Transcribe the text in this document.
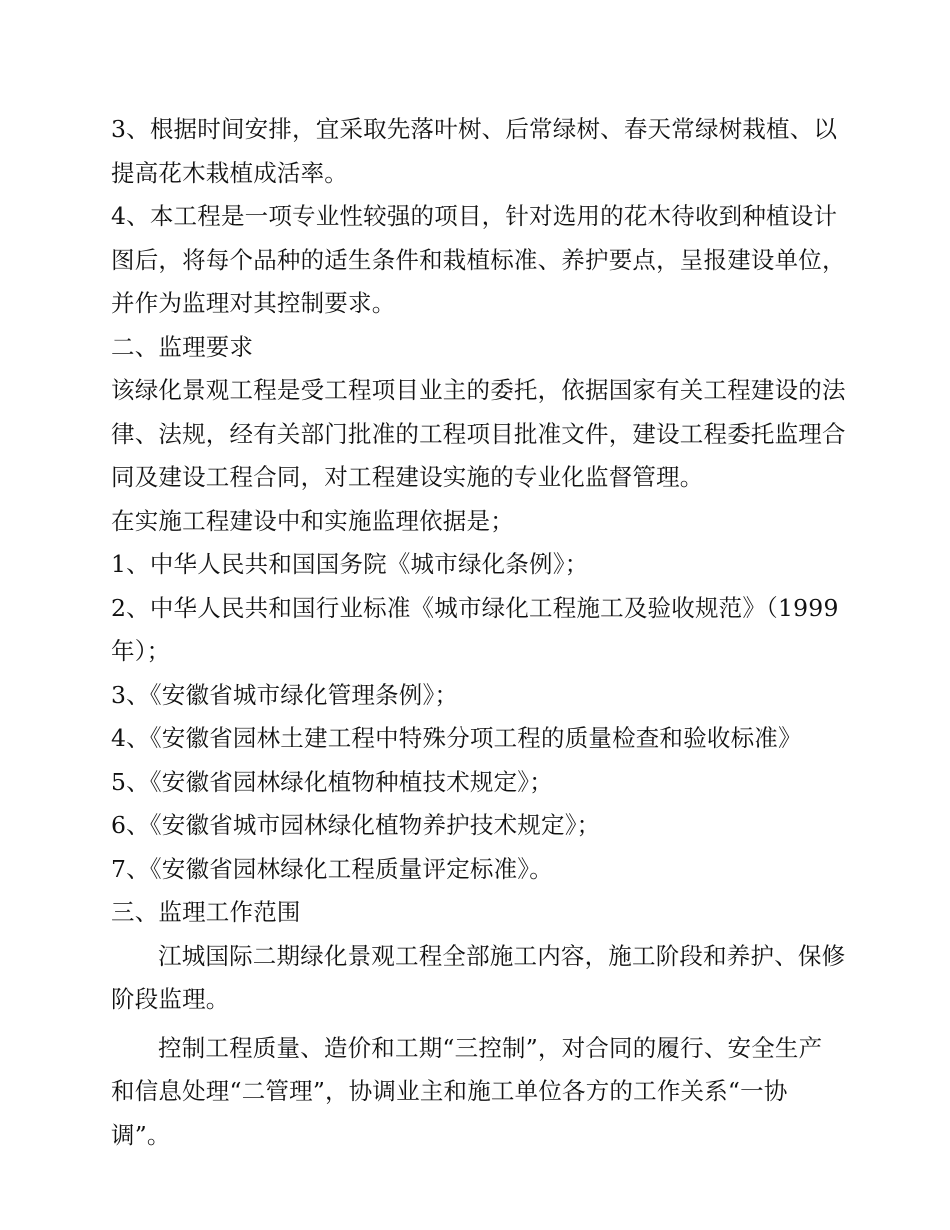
3、根据时间安排，宜采取先落叶树、后常绿树、春天常绿树栽植、以提高花木栽植成活率。

4、本工程是一项专业性较强的项目，针对选用的花木待收到种植设计图后，将每个品种的适生条件和栽植标准、养护要点，呈报建设单位，并作为监理对其控制要求。

二、监理要求

该绿化景观工程是受工程项目业主的委托，依据国家有关工程建设的法律、法规，经有关部门批准的工程项目批准文件，建设工程委托监理合同及建设工程合同，对工程建设实施的专业化监督管理。

在实施工程建设中和实施监理依据是；

1、中华人民共和国国务院《城市绿化条例》；

2、中华人民共和国行业标准《城市绿化工程施工及验收规范》（1999年）；

3、《安徽省城市绿化管理条例》；

4、《安徽省园林土建工程中特殊分项工程的质量检查和验收标准》

5、《安徽省园林绿化植物种植技术规定》；

6、《安徽省城市园林绿化植物养护技术规定》；

7、《安徽省园林绿化工程质量评定标准》。

三、监理工作范围

江城国际二期绿化景观工程全部施工内容，施工阶段和养护、保修阶段监理。

控制工程质量、造价和工期“三控制”，对合同的履行、安全生产和信息处理“二管理”，协调业主和施工单位各方的工作关系“一协调”。
